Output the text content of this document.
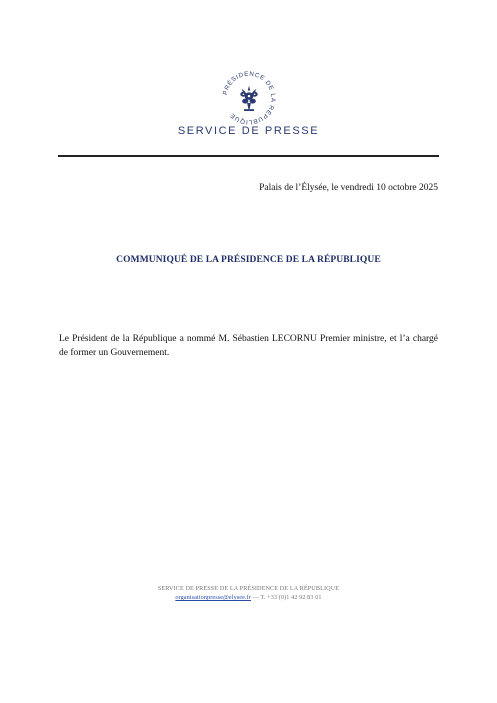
PRÉSIDENCE DE LA RÉPUBLIQUE
SERVICE DE PRESSE
Palais de l’Élysée, le vendredi 10 octobre 2025
COMMUNIQUÉ DE LA PRÉSIDENCE DE LA RÉPUBLIQUE
Le Président de la République a nommé M. Sébastien LECORNU Premier ministre, et l’a chargé de former un Gouvernement.
SERVICE DE PRESSE DE LA PRÉSIDENCE DE LA RÉPUBLIQUE
organisationpresse@elysee.fr — T. +33 (0)1 42 92 83 01
